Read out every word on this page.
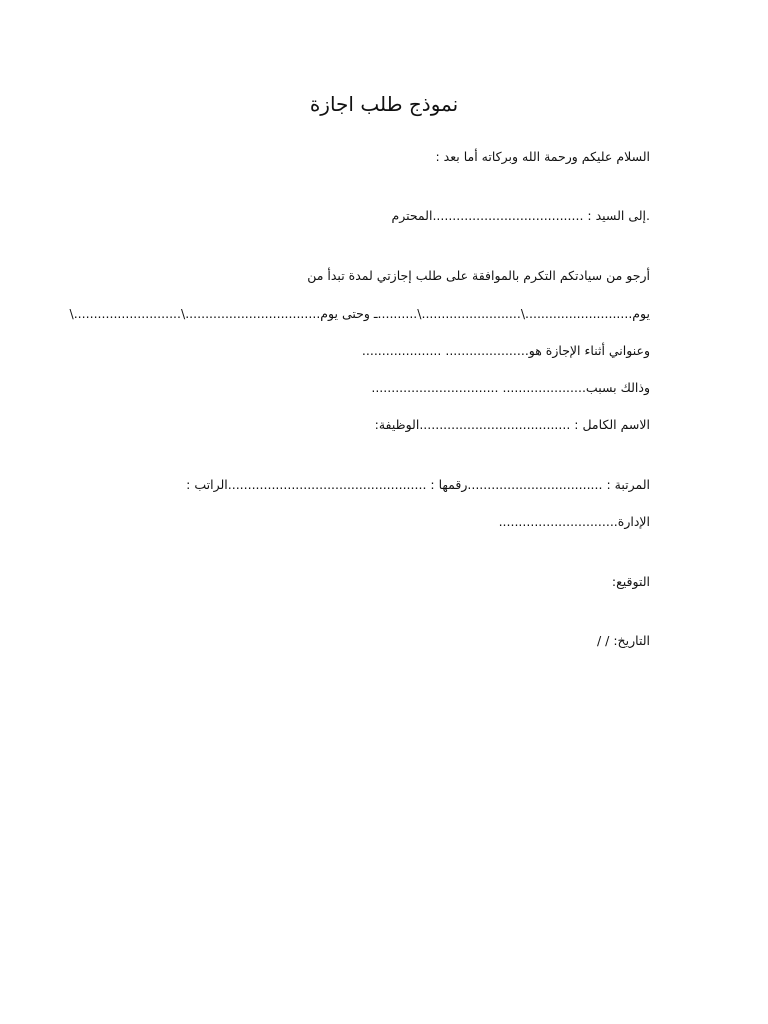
نموذج طلب اجازة
السلام عليكم ورحمة الله وبركاته أما بعد :
.إلى السيد : ......................................المحترم
أرجو من سيادتكم التكرم بالموافقة على طلب إجازتي لمدة تبدأ من
يوم...........................\.........................\..........ـ وحتى يوم..................................\...........................\
وعنواني أثناء الإجازة هو..................... ....................
وذالك بسبب..................... ................................
الاسم الكامل : ......................................الوظيفة:
المرتبة : ..................................رقمها : ..................................................الراتب :
الإدارة..............................
التوقيع:
التاريخ: / /
